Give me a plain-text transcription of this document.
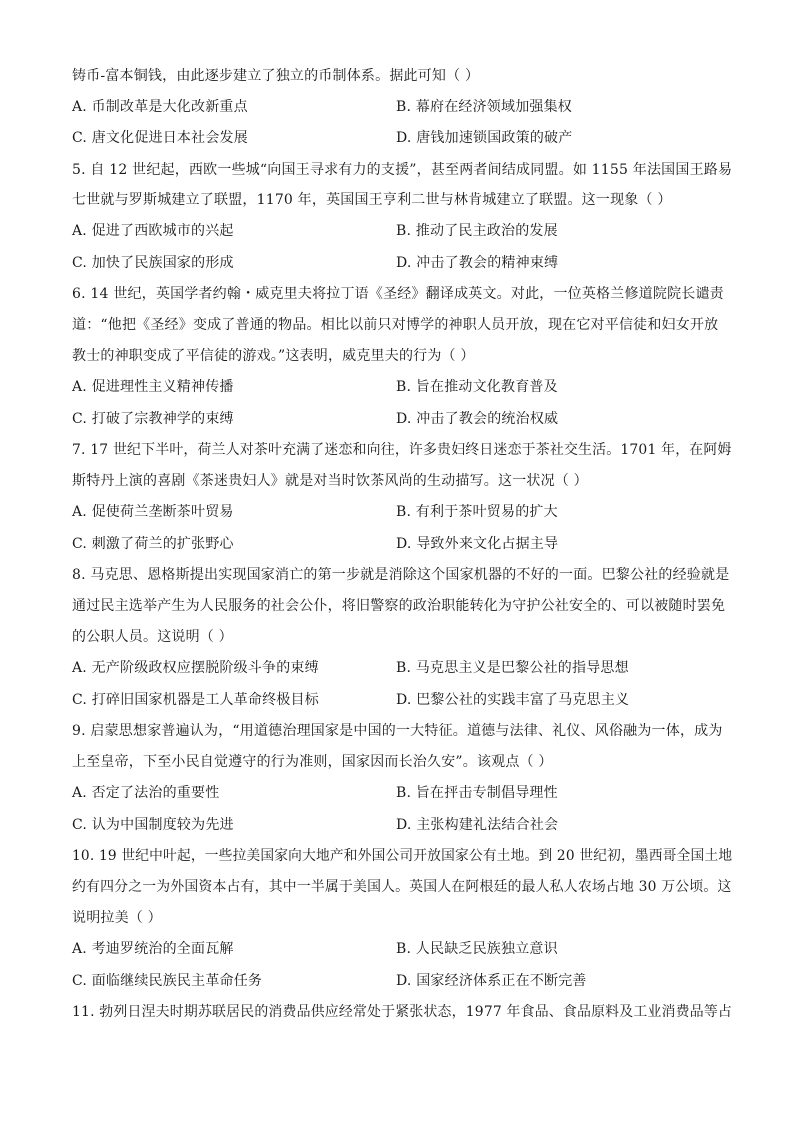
铸币-富本铜钱，由此逐步建立了独立的币制体系。据此可知（ ）
A. 币制改革是大化改新重点	B. 幕府在经济领域加强集权
C. 唐文化促进日本社会发展	D. 唐钱加速锁国政策的破产
5. 自 12 世纪起，西欧一些城“向国王寻求有力的支援”，甚至两者间结成同盟。如 1155 年法国国王路易
七世就与罗斯城建立了联盟，1170 年，英国国王亨利二世与林肯城建立了联盟。这一现象（ ）
A. 促进了西欧城市的兴起	B. 推动了民主政治的发展
C. 加快了民族国家的形成	D. 冲击了教会的精神束缚
6. 14 世纪，英国学者约翰・威克里夫将拉丁语《圣经》翻译成英文。对此，一位英格兰修道院院长谴责
道：“他把《圣经》变成了普通的物品。相比以前只对博学的神职人员开放，现在它对平信徒和妇女开放
教士的神职变成了平信徒的游戏。”这表明，威克里夫的行为（ ）
A. 促进理性主义精神传播	B. 旨在推动文化教育普及
C. 打破了宗教神学的束缚	D. 冲击了教会的统治权威
7. 17 世纪下半叶，荷兰人对茶叶充满了迷恋和向往，许多贵妇终日迷恋于茶社交生活。1701 年，在阿姆
斯特丹上演的喜剧《茶迷贵妇人》就是对当时饮茶风尚的生动描写。这一状况（ ）
A. 促使荷兰垄断茶叶贸易	B. 有利于茶叶贸易的扩大
C. 刺激了荷兰的扩张野心	D. 导致外来文化占据主导
8. 马克思、恩格斯提出实现国家消亡的第一步就是消除这个国家机器的不好的一面。巴黎公社的经验就是
通过民主选举产生为人民服务的社会公仆，将旧警察的政治职能转化为守护公社安全的、可以被随时罢免
的公职人员。这说明（ ）
A. 无产阶级政权应摆脱阶级斗争的束缚	B. 马克思主义是巴黎公社的指导思想
C. 打碎旧国家机器是工人革命终极目标	D. 巴黎公社的实践丰富了马克思主义
9. 启蒙思想家普遍认为，“用道德治理国家是中国的一大特征。道德与法律、礼仪、风俗融为一体，成为
上至皇帝，下至小民自觉遵守的行为准则，国家因而长治久安”。该观点（ ）
A. 否定了法治的重要性	B. 旨在抨击专制倡导理性
C. 认为中国制度较为先进	D. 主张构建礼法结合社会
10. 19 世纪中叶起，一些拉美国家向大地产和外国公司开放国家公有土地。到 20 世纪初，墨西哥全国土地
约有四分之一为外国资本占有，其中一半属于美国人。英国人在阿根廷的最人私人农场占地 30 万公顷。这
说明拉美（ ）
A. 考迪罗统治的全面瓦解	B. 人民缺乏民族独立意识
C. 面临继续民族民主革命任务	D. 国家经济体系正在不断完善
11. 勃列日涅夫时期苏联居民的消费品供应经常处于紧张状态，1977 年食品、食品原料及工业消费品等占
